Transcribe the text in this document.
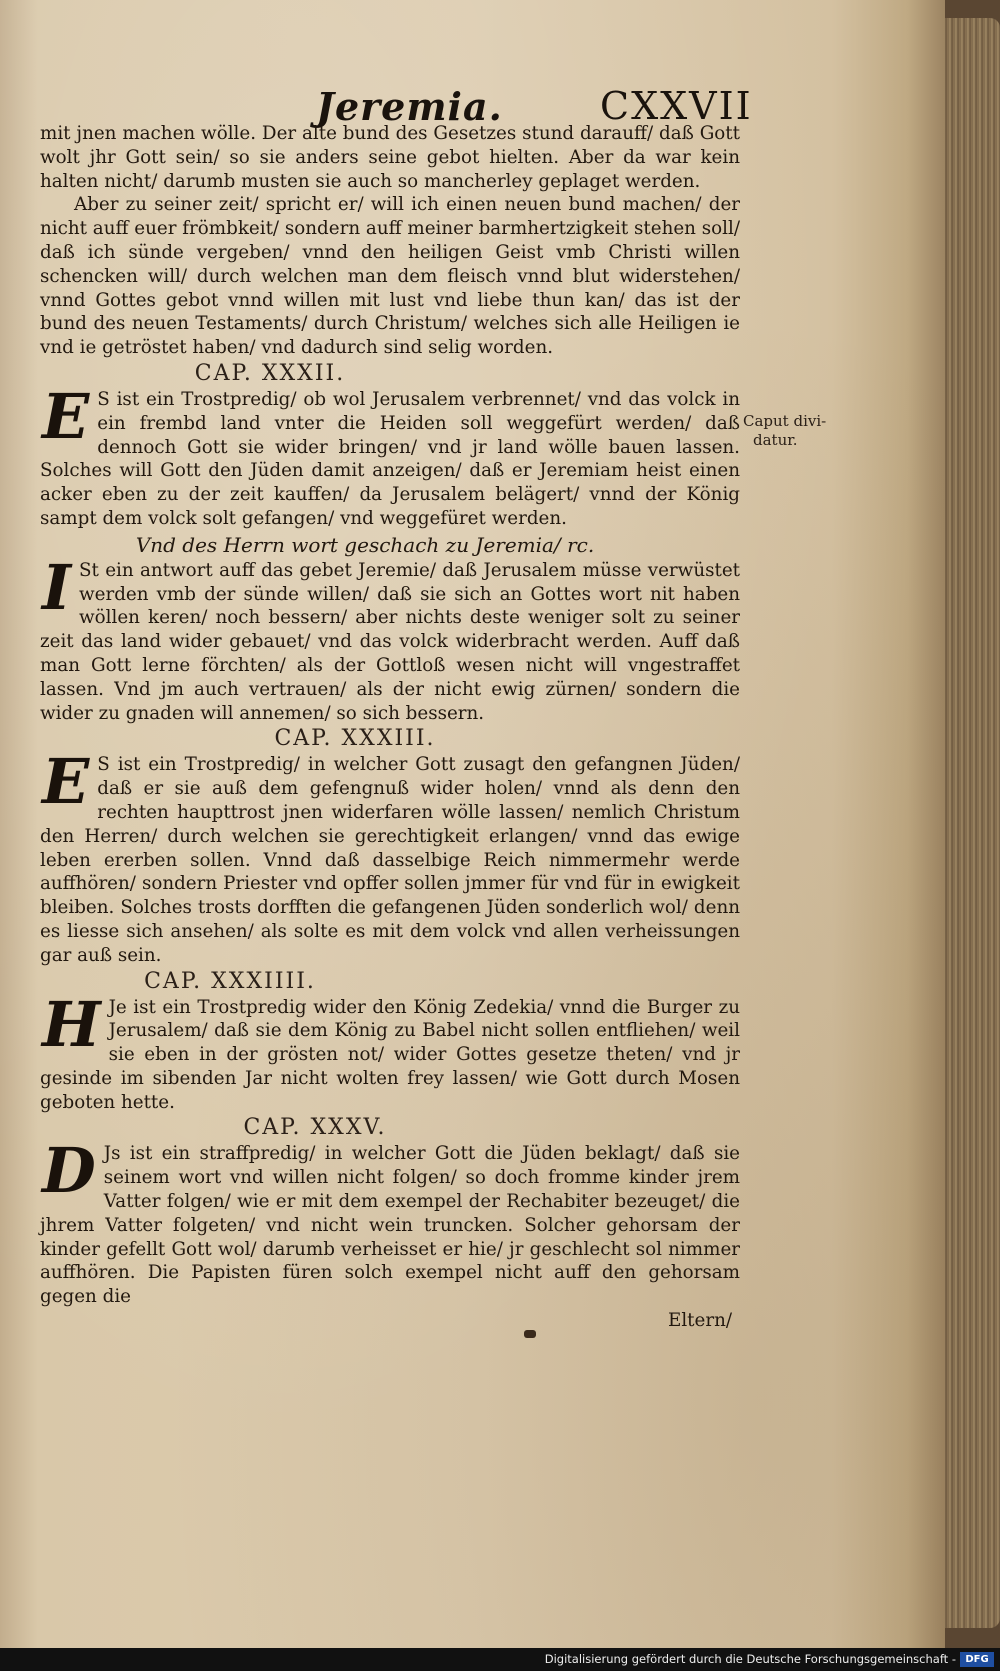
Jeremia.	CXXVII

mit jnen machen wölle. Der alte bund des Gesetzes stund darauff/ daß Gott wolt jhr Gott sein/ so sie anders seine gebot hielten. Aber da war kein halten nicht/ darumb musten sie auch so mancherley geplaget werden.

Aber zu seiner zeit/ spricht er/ will ich einen neuen bund machen/ der nicht auff euer frömbkeit/ sondern auff meiner barmhertzigkeit stehen soll/ daß ich sünde vergeben/ vnnd den heiligen Geist vmb Christi willen schencken will/ durch welchen man dem fleisch vnnd blut widerstehen/ vnnd Gottes gebot vnnd willen mit lust vnd liebe thun kan/ das ist der bund des neuen Testaments/ durch Christum/ welches sich alle Heiligen ie vnd ie getröstet haben/ vnd dadurch sind selig worden.

CAP. XXXII.

E S ist ein Trostpredig/ ob wol Jerusalem verbrennet/ vnd das volck in ein frembd land vnter die Heiden soll weggefürt werden/ daß dennoch Gott sie wider bringen/ vnd jr land wölle bauen lassen. Solches will Gott den Jüden damit anzeigen/ daß er Jeremiam heist einen acker eben zu der zeit kauffen/ da Jerusalem belägert/ vnnd der König sampt dem volck solt gefangen/ vnd weggefüret werden.

Vnd des Herrn wort geschach zu Jeremia/ rc.

I St ein antwort auff das gebet Jeremie/ daß Jerusalem müsse verwüstet werden vmb der sünde willen/ daß sie sich an Gottes wort nit haben wöllen keren/ noch bessern/ aber nichts deste weniger solt zu seiner zeit das land wider gebauet/ vnd das volck widerbracht werden. Auff daß man Gott lerne förchten/ als der Gottloß wesen nicht will vngestraffet lassen. Vnd jm auch vertrauen/ als der nicht ewig zürnen/ sondern die wider zu gnaden will annemen/ so sich bessern.

CAP. XXXIII.

E S ist ein Trostpredig/ in welcher Gott zusagt den gefangnen Jüden/ daß er sie auß dem gefengnuß wider holen/ vnnd als denn den rechten haupttrost jnen widerfaren wölle lassen/ nemlich Christum den Herren/ durch welchen sie gerechtigkeit erlangen/ vnnd das ewige leben ererben sollen. Vnnd daß dasselbige Reich nimmermehr werde auffhören/ sondern Priester vnd opffer sollen jmmer für vnd für in ewigkeit bleiben. Solches trosts dorfften die gefangenen Jüden sonderlich wol/ denn es liesse sich ansehen/ als solte es mit dem volck vnd allen verheissungen gar auß sein.

CAP. XXXIIII.

H Je ist ein Trostpredig wider den König Zedekia/ vnnd die Burger zu Jerusalem/ daß sie dem König zu Babel nicht sollen entfliehen/ weil sie eben in der grösten not/ wider Gottes gesetze theten/ vnd jr gesinde im sibenden Jar nicht wolten frey lassen/ wie Gott durch Mosen geboten hette.

CAP. XXXV.

D Js ist ein straffpredig/ in welcher Gott die Jüden beklagt/ daß sie seinem wort vnd willen nicht folgen/ so doch fromme kinder jrem Vatter folgen/ wie er mit dem exempel der Rechabiter bezeuget/ die jhrem Vatter folgeten/ vnd nicht wein truncken. Solcher gehorsam der kinder gefellt Gott wol/ darumb verheisset er hie/ jr geschlecht sol nimmer auffhören. Die Papisten füren solch exempel nicht auff den gehorsam gegen die

Eltern/

Caput divi-
datur.
Digitalisierung gefördert durch die Deutsche Forschungsgemeinschaft - DFG
